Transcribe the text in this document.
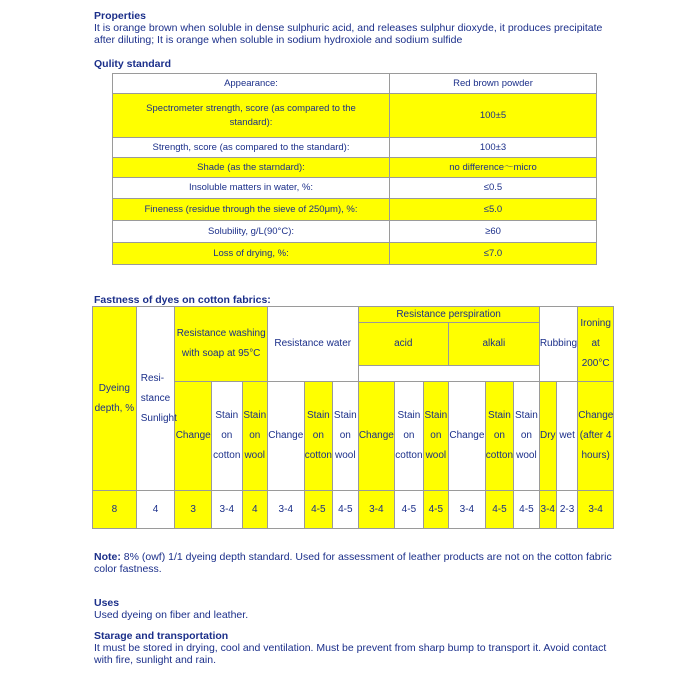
Properties
It is orange brown when soluble in dense sulphuric acid, and releases sulphur dioxyde, it produces precipitate
after diluting; It is orange when soluble in sodium hydroxiole and sodium sulfide
Qulity standard
Appearance:	Red brown powder
Spectrometer strength, score (as compared to the standard):	100±5
Strength, score (as compared to the standard):	100±3
Shade (as the starndard):	no difference～micro
Insoluble matters in water, %:	≤0.5
Fineness (residue through the sieve of 250μm), %:	≤5.0
Solubility, g/L(90°C):	≥60
Loss of drying, %:	≤7.0
Fastness of dyes on cotton fabrics:
Dyeing depth, %	Resi-stance Sunlight	Resistance washing with soap at 95°C			Resistance water			Resistance perspiration						Rubbing		Ironing at 200°C
								acid			alkali					

		Change	Stain on cotton	Stain on wool	Change	Stain on cotton	Stain on wool	Change	Stain on cotton	Stain on wool	Change	Stain on cotton	Stain on wool	Dry	wet	Change (after 4 hours)
8	4	3	3-4	4	3-4	4-5	4-5	3-4	4-5	4-5	3-4	4-5	4-5	3-4	2-3	3-4
Note: 8% (owf) 1/1 dyeing depth standard. Used for assessment of leather products are not on the cotton fabric
color fastness.
Uses
Used dyeing on fiber and leather.
Starage and transportation
It must be stored in drying, cool and ventilation. Must be prevent from sharp bump to transport it. Avoid contact
with fire, sunlight and rain.
